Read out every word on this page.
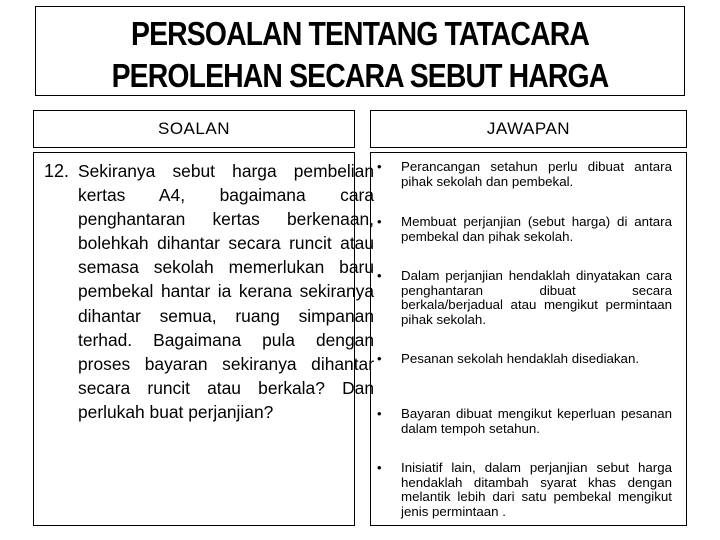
PERSOALAN TENTANG TATACARA
PEROLEHAN SECARA SEBUT HARGA
SOALAN	JAWAPAN
12. Sekiranya sebut harga pembelian kertas A4, bagaimana cara penghantaran kertas berkenaan, bolehkah dihantar secara runcit atau semasa sekolah memerlukan baru pembekal hantar ia kerana sekiranya dihantar semua, ruang simpanan terhad. Bagaimana pula dengan proses bayaran sekiranya dihantar secara runcit atau berkala? Dan perlukah buat perjanjian?
• Perancangan setahun perlu dibuat antara pihak sekolah dan pembekal.
• Membuat perjanjian (sebut harga) di antara pembekal dan pihak sekolah.
• Dalam perjanjian hendaklah dinyatakan cara penghantaran dibuat secara berkala/berjadual atau mengikut permintaan pihak sekolah.
• Pesanan sekolah hendaklah disediakan.
• Bayaran dibuat mengikut keperluan pesanan dalam tempoh setahun.
• Inisiatif lain, dalam perjanjian sebut harga hendaklah ditambah syarat khas dengan melantik lebih dari satu pembekal mengikut jenis permintaan .
